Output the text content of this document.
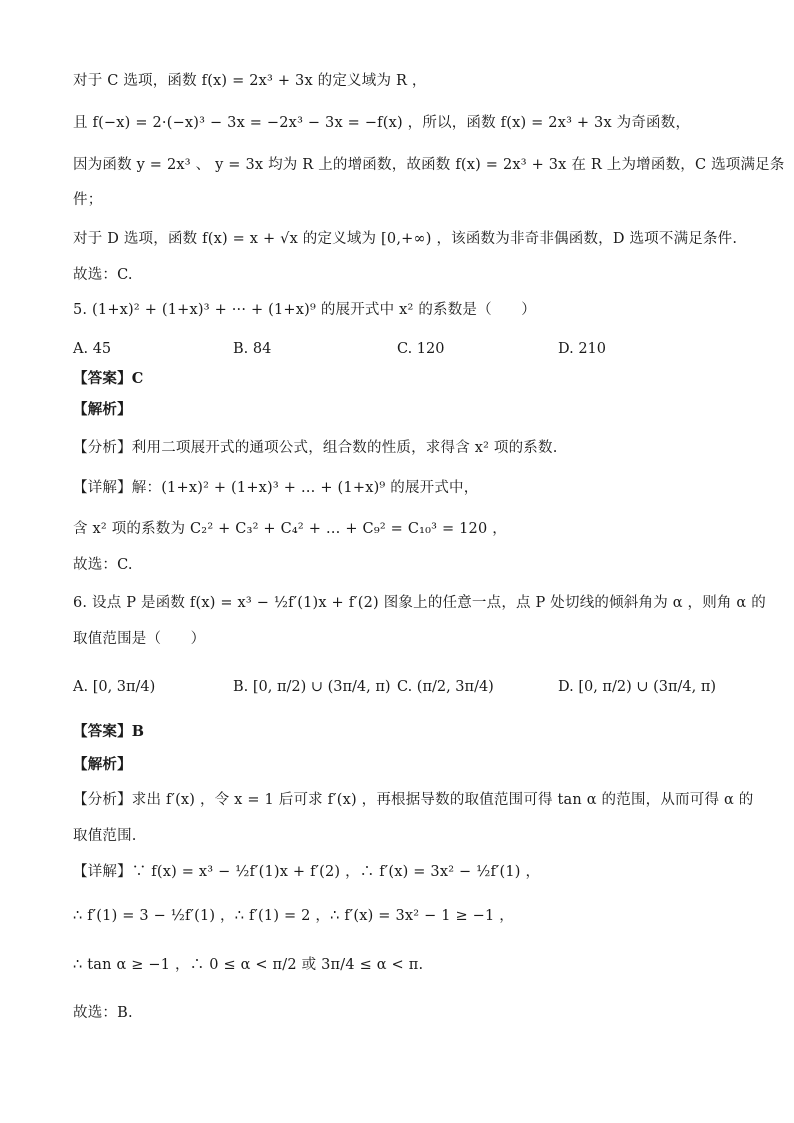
对于 C 选项，函数 f(x) = 2x³ + 3x 的定义域为 R ，
且 f(−x) = 2·(−x)³ − 3x = −2x³ − 3x = −f(x) ，所以，函数 f(x) = 2x³ + 3x 为奇函数，
因为函数 y = 2x³ 、 y = 3x 均为 R 上的增函数，故函数 f(x) = 2x³ + 3x 在 R 上为增函数，C 选项满足条
件；
对于 D 选项，函数 f(x) = x + √x 的定义域为 [0,+∞) ，该函数为非奇非偶函数，D 选项不满足条件.
故选：C.
5. (1+x)² + (1+x)³ + ··· + (1+x)⁹ 的展开式中 x² 的系数是（　　）
A. 45	B. 84	C. 120	D. 210
【答案】C
【解析】
【分析】利用二项展开式的通项公式，组合数的性质，求得含 x² 项的系数.
【详解】解：(1+x)² + (1+x)³ + … + (1+x)⁹ 的展开式中，
含 x² 项的系数为 C₂² + C₃² + C₄² + … + C₉² = C₁₀³ = 120 ，
故选：C.
6. 设点 P 是函数 f(x) = x³ − ½f′(1)x + f′(2) 图象上的任意一点，点 P 处切线的倾斜角为 α ，则角 α 的
取值范围是（　　）
A. [0, 3π/4)	B. [0, π/2) ∪ (3π/4, π) C. (π/2, 3π/4)	D. [0, π/2) ∪ (3π/4, π)
【答案】B
【解析】
【分析】求出 f′(x) ，令 x = 1 后可求 f′(x) ，再根据导数的取值范围可得 tan α 的范围，从而可得 α 的
取值范围.
【详解】∵ f(x) = x³ − ½f′(1)x + f′(2) ，∴ f′(x) = 3x² − ½f′(1) ，
∴ f′(1) = 3 − ½f′(1) ，∴ f′(1) = 2 ，∴ f′(x) = 3x² − 1 ≥ −1 ，
∴ tan α ≥ −1 ，∴ 0 ≤ α < π/2 或 3π/4 ≤ α < π.
故选：B.
